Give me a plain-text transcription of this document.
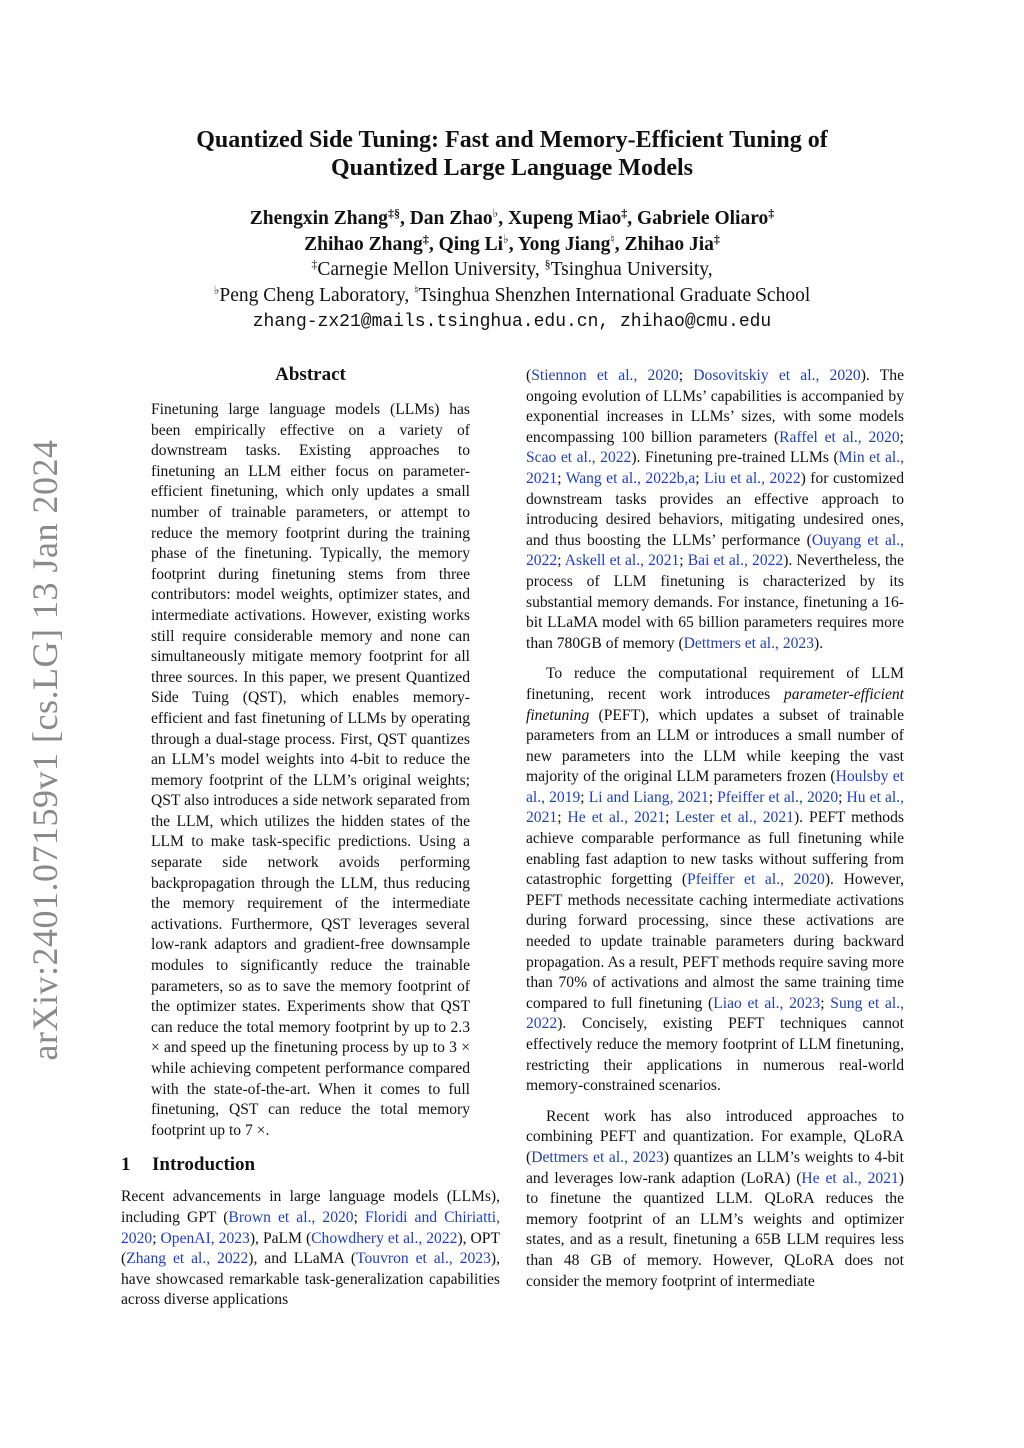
arXiv:2401.07159v1 [cs.LG] 13 Jan 2024
Quantized Side Tuning: Fast and Memory-Efficient Tuning of
Quantized Large Language Models
Zhengxin Zhang‡§, Dan Zhao♭, Xupeng Miao‡, Gabriele Oliaro‡
Zhihao Zhang‡, Qing Li♭, Yong Jiang♮, Zhihao Jia‡
‡Carnegie Mellon University, §Tsinghua University,
♭Peng Cheng Laboratory, ♮Tsinghua Shenzhen International Graduate School
zhang-zx21@mails.tsinghua.edu.cn, zhihao@cmu.edu
Abstract

Finetuning large language models (LLMs) has been empirically effective on a variety of downstream tasks. Existing approaches to finetuning an LLM either focus on parameter-efficient finetuning, which only updates a small number of trainable parameters, or attempt to reduce the memory footprint during the training phase of the finetuning. Typically, the memory footprint during finetuning stems from three contributors: model weights, optimizer states, and intermediate activations. However, existing works still require considerable memory and none can simultaneously mitigate memory footprint for all three sources. In this paper, we present Quantized Side Tuing (QST), which enables memory-efficient and fast finetuning of LLMs by operating through a dual-stage process. First, QST quantizes an LLM’s model weights into 4-bit to reduce the memory footprint of the LLM’s original weights; QST also introduces a side network separated from the LLM, which utilizes the hidden states of the LLM to make task-specific predictions. Using a separate side network avoids performing backpropagation through the LLM, thus reducing the memory requirement of the intermediate activations. Furthermore, QST leverages several low-rank adaptors and gradient-free downsample modules to significantly reduce the trainable parameters, so as to save the memory footprint of the optimizer states. Experiments show that QST can reduce the total memory footprint by up to 2.3 × and speed up the finetuning process by up to 3 × while achieving competent performance compared with the state-of-the-art. When it comes to full finetuning, QST can reduce the total memory footprint up to 7 ×.

1 Introduction

Recent advancements in large language models (LLMs), including GPT (Brown et al., 2020; Floridi and Chiriatti, 2020; OpenAI, 2023), PaLM (Chowdhery et al., 2022), OPT (Zhang et al., 2022), and LLaMA (Touvron et al., 2023), have showcased remarkable task-generalization capabilities across diverse applications

(Stiennon et al., 2020; Dosovitskiy et al., 2020). The ongoing evolution of LLMs’ capabilities is accompanied by exponential increases in LLMs’ sizes, with some models encompassing 100 billion parameters (Raffel et al., 2020; Scao et al., 2022). Finetuning pre-trained LLMs (Min et al., 2021; Wang et al., 2022b,a; Liu et al., 2022) for customized downstream tasks provides an effective approach to introducing desired behaviors, mitigating undesired ones, and thus boosting the LLMs’ performance (Ouyang et al., 2022; Askell et al., 2021; Bai et al., 2022). Nevertheless, the process of LLM finetuning is characterized by its substantial memory demands. For instance, finetuning a 16-bit LLaMA model with 65 billion parameters requires more than 780GB of memory (Dettmers et al., 2023).

To reduce the computational requirement of LLM finetuning, recent work introduces parameter-efficient finetuning (PEFT), which updates a subset of trainable parameters from an LLM or introduces a small number of new parameters into the LLM while keeping the vast majority of the original LLM parameters frozen (Houlsby et al., 2019; Li and Liang, 2021; Pfeiffer et al., 2020; Hu et al., 2021; He et al., 2021; Lester et al., 2021). PEFT methods achieve comparable performance as full finetuning while enabling fast adaption to new tasks without suffering from catastrophic forgetting (Pfeiffer et al., 2020). However, PEFT methods necessitate caching intermediate activations during forward processing, since these activations are needed to update trainable parameters during backward propagation. As a result, PEFT methods require saving more than 70% of activations and almost the same training time compared to full finetuning (Liao et al., 2023; Sung et al., 2022). Concisely, existing PEFT techniques cannot effectively reduce the memory footprint of LLM finetuning, restricting their applications in numerous real-world memory-constrained scenarios.

Recent work has also introduced approaches to combining PEFT and quantization. For example, QLoRA (Dettmers et al., 2023) quantizes an LLM’s weights to 4-bit and leverages low-rank adaption (LoRA) (He et al., 2021) to finetune the quantized LLM. QLoRA reduces the memory footprint of an LLM’s weights and optimizer states, and as a result, finetuning a 65B LLM requires less than 48 GB of memory. However, QLoRA does not consider the memory footprint of intermediate
